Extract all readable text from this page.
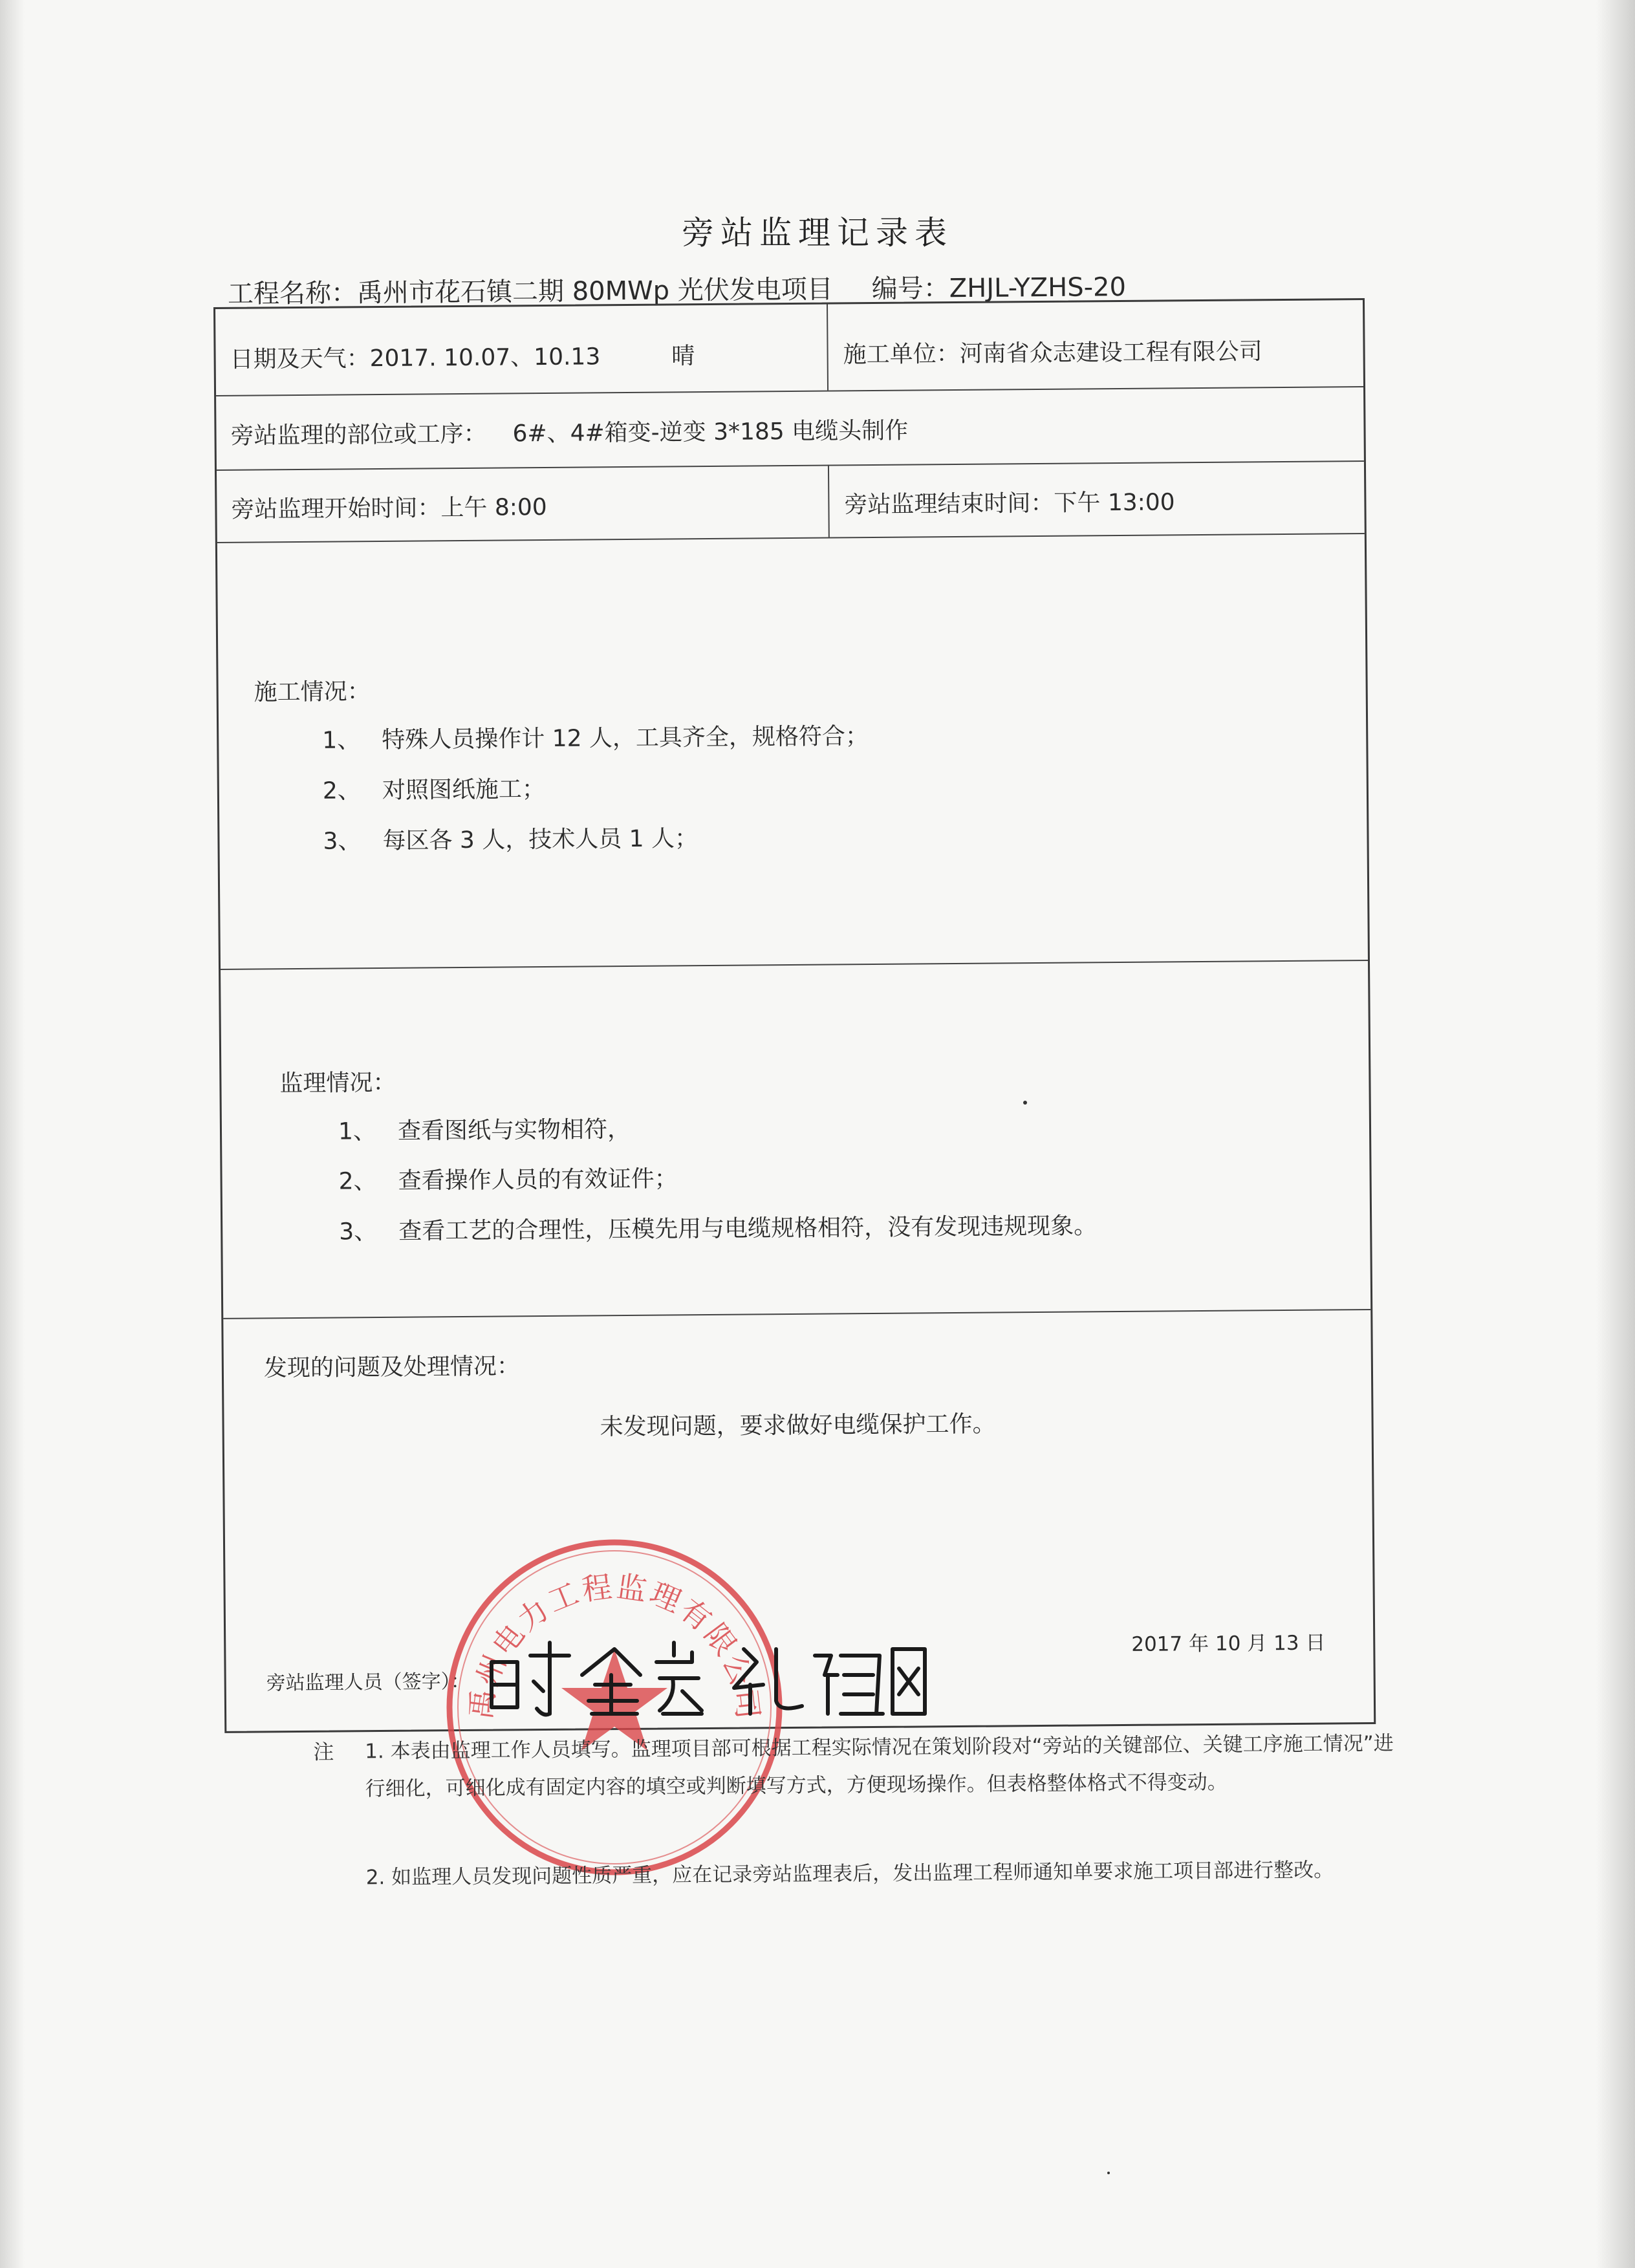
旁站监理记录表
工程名称：禹州市花石镇二期 80MWp 光伏发电项目 编号：ZHJL-YZHS-20
日期及天气：2017. 10.07、10.13	晴	施工单位：河南省众志建设工程有限公司
旁站监理的部位或工序： 6#、4#箱变-逆变 3*185 电缆头制作
旁站监理开始时间：上午 8:00	旁站监理结束时间：下午 13:00
施工情况：
1、 特殊人员操作计 12 人，工具齐全，规格符合；
2、 对照图纸施工；
3、 每区各 3 人，技术人员 1 人；
监理情况：
1、 查看图纸与实物相符，
2、 查看操作人员的有效证件；
3、 查看工艺的合理性，压模先用与电缆规格相符，没有发现违规现象。
发现的问题及处理情况：
未发现问题，要求做好电缆保护工作。
旁站监理人员（签字）：
2017 年 10 月 13 日
禹州电力工程监理有限公司
注 1. 本表由监理工作人员填写。监理项目部可根据工程实际情况在策划阶段对“旁站的关键部位、关键工序施工情况”进行细化，可细化成有固定内容的填空或判断填写方式，方便现场操作。但表格整体格式不得变动。
2. 如监理人员发现问题性质严重，应在记录旁站监理表后，发出监理工程师通知单要求施工项目部进行整改。
